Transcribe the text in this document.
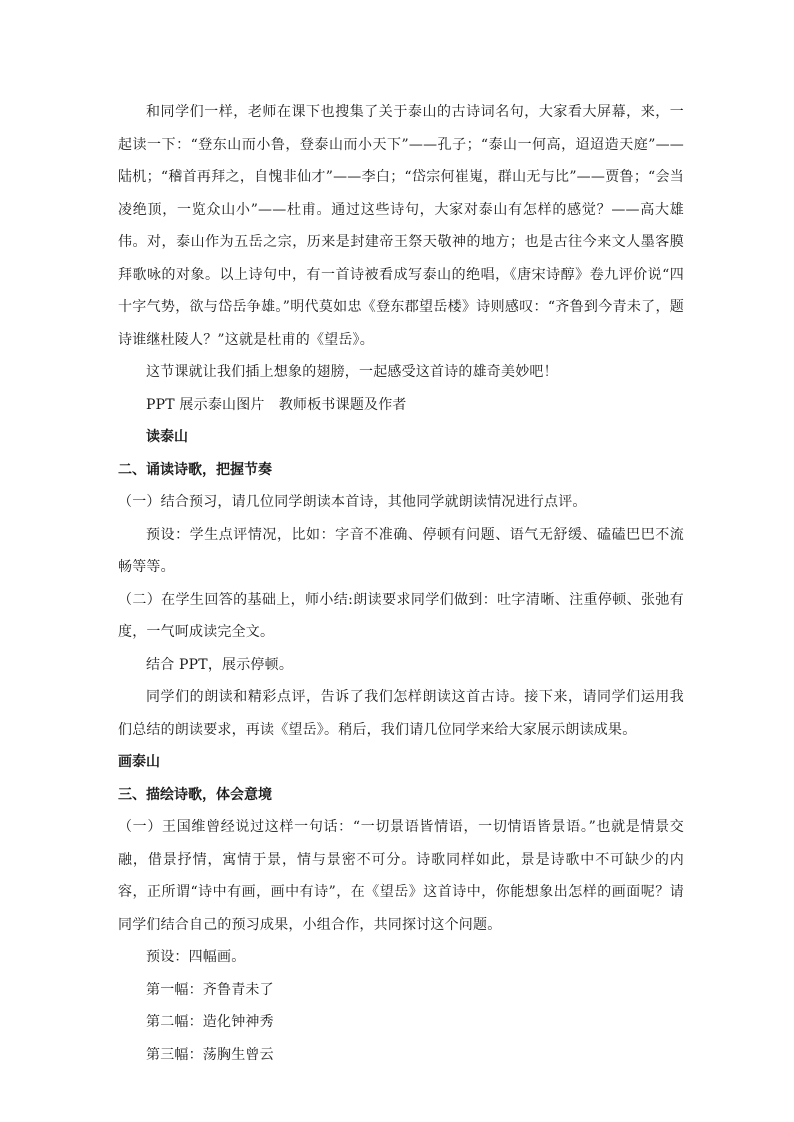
和同学们一样，老师在课下也搜集了关于泰山的古诗词名句，大家看大屏幕，来，一起读一下：“登东山而小鲁，登泰山而小天下”——孔子；“泰山一何高，迢迢造天庭”——陆机；“稽首再拜之，自愧非仙才”——李白；“岱宗何崔嵬，群山无与比”——贾鲁；“会当凌绝顶，一览众山小”——杜甫。通过这些诗句，大家对泰山有怎样的感觉？——高大雄伟。对，泰山作为五岳之宗，历来是封建帝王祭天敬神的地方；也是古往今来文人墨客膜拜歌咏的对象。以上诗句中，有一首诗被看成写泰山的绝唱，《唐宋诗醇》卷九评价说“四十字气势，欲与岱岳争雄。”明代莫如忠《登东郡望岳楼》诗则感叹：“齐鲁到今青未了，题诗谁继杜陵人？”这就是杜甫的《望岳》。

这节课就让我们插上想象的翅膀，一起感受这首诗的雄奇美妙吧！

PPT 展示泰山图片　教师板书课题及作者

读泰山

二、诵读诗歌，把握节奏

（一）结合预习，请几位同学朗读本首诗，其他同学就朗读情况进行点评。

预设：学生点评情况，比如：字音不准确、停顿有问题、语气无舒缓、磕磕巴巴不流畅等等。

（二）在学生回答的基础上，师小结:朗读要求同学们做到：吐字清晰、注重停顿、张弛有度，一气呵成读完全文。

结合 PPT，展示停顿。

同学们的朗读和精彩点评，告诉了我们怎样朗读这首古诗。接下来，请同学们运用我们总结的朗读要求，再读《望岳》。稍后，我们请几位同学来给大家展示朗读成果。

画泰山

三、描绘诗歌，体会意境

（一）王国维曾经说过这样一句话：“一切景语皆情语，一切情语皆景语。”也就是情景交融，借景抒情，寓情于景，情与景密不可分。诗歌同样如此，景是诗歌中不可缺少的内容，正所谓“诗中有画，画中有诗”，在《望岳》这首诗中，你能想象出怎样的画面呢？请同学们结合自己的预习成果，小组合作，共同探讨这个问题。

预设：四幅画。

第一幅：齐鲁青未了

第二幅：造化钟神秀

第三幅：荡胸生曾云
